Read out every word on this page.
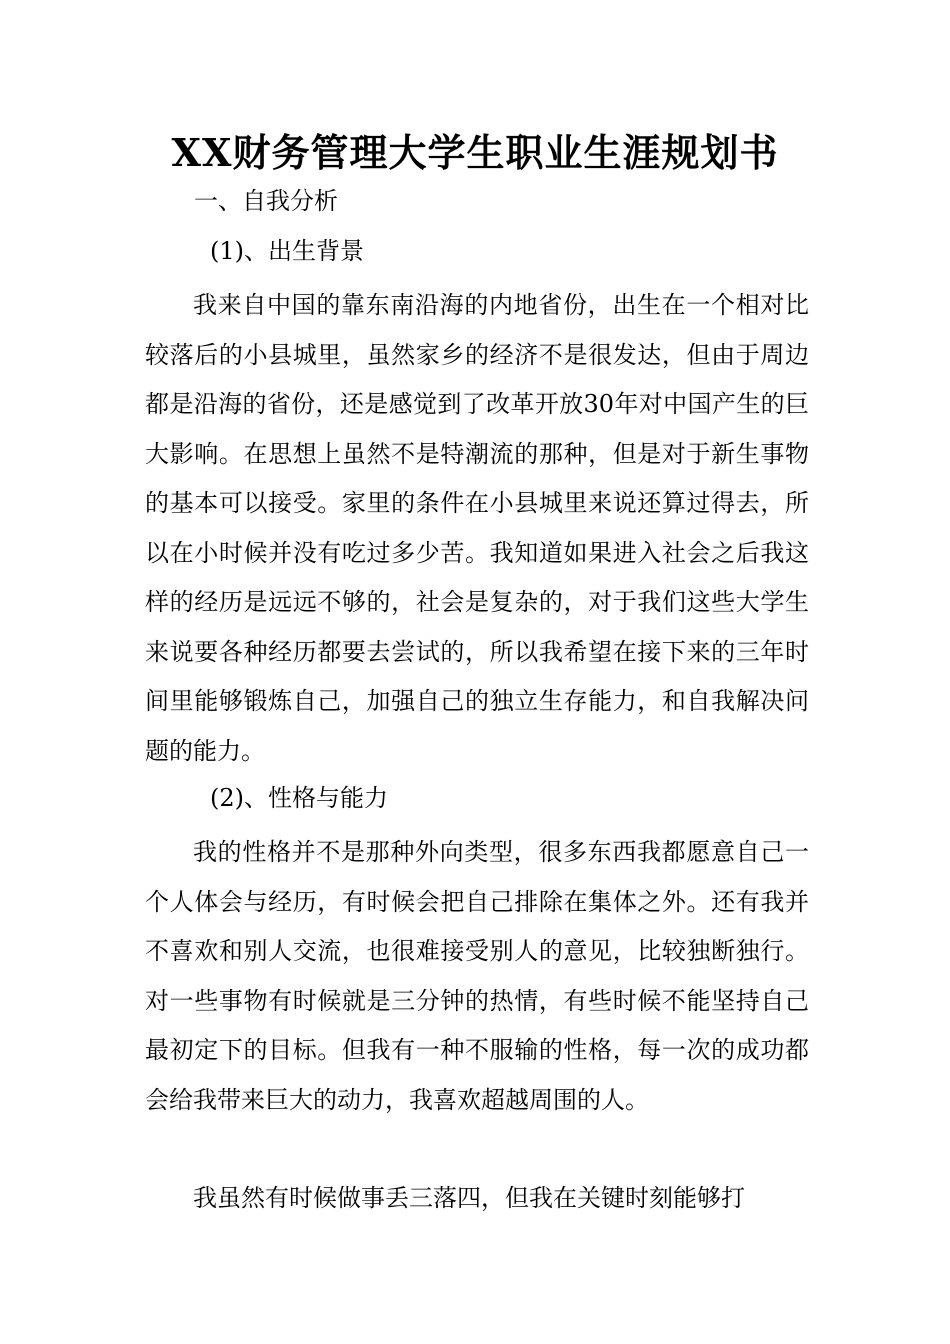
XX财务管理大学生职业生涯规划书

一、自我分析

(1)、出生背景

我来自中国的靠东南沿海的内地省份，出生在一个相对比较落后的小县城里，虽然家乡的经济不是很发达，但由于周边都是沿海的省份，还是感觉到了改革开放30年对中国产生的巨大影响。在思想上虽然不是特潮流的那种，但是对于新生事物的基本可以接受。家里的条件在小县城里来说还算过得去，所以在小时候并没有吃过多少苦。我知道如果进入社会之后我这样的经历是远远不够的，社会是复杂的，对于我们这些大学生来说要各种经历都要去尝试的，所以我希望在接下来的三年时间里能够锻炼自己，加强自己的独立生存能力，和自我解决问题的能力。

(2)、性格与能力

我的性格并不是那种外向类型，很多东西我都愿意自己一个人体会与经历，有时候会把自己排除在集体之外。还有我并不喜欢和别人交流，也很难接受别人的意见，比较独断独行。对一些事物有时候就是三分钟的热情，有些时候不能坚持自己最初定下的目标。但我有一种不服输的性格，每一次的成功都会给我带来巨大的动力，我喜欢超越周围的人。

我虽然有时候做事丢三落四，但我在关键时刻能够打
